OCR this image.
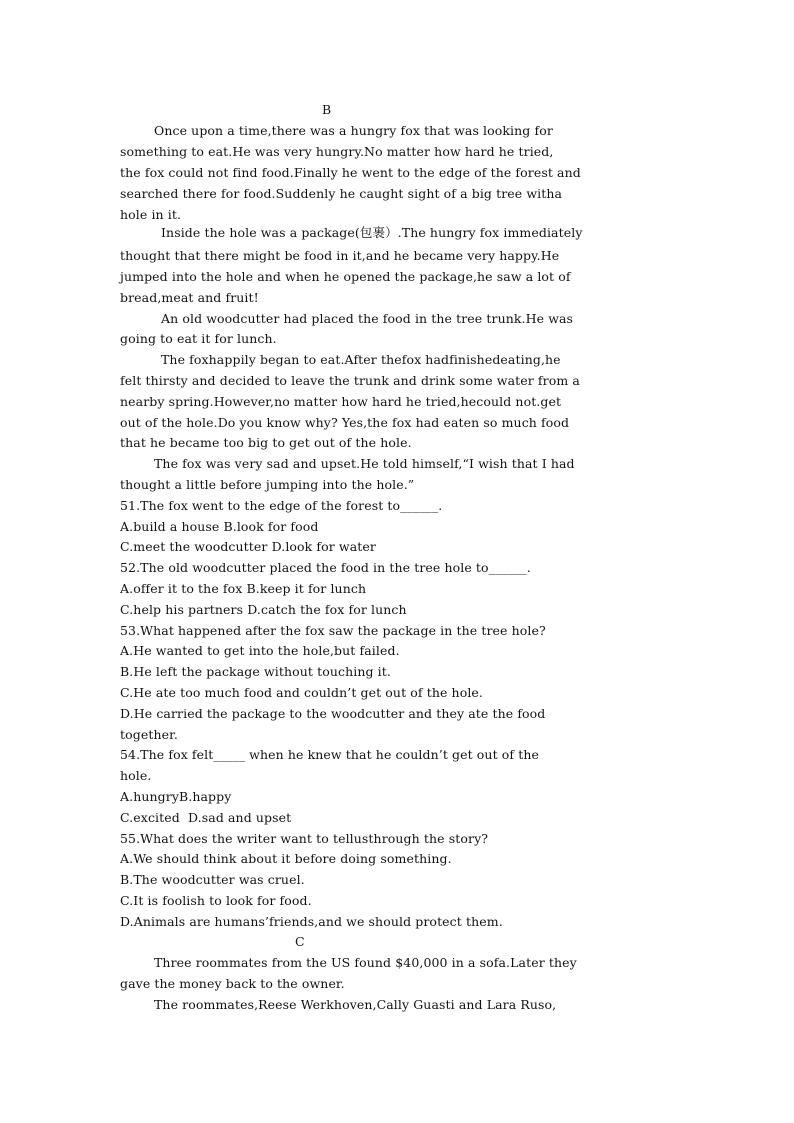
B
Once upon a time,there was a hungry fox that was looking for
something to eat.He was very hungry.No matter how hard he tried,
the fox could not find food.Finally he went to the edge of the forest and
searched there for food.Suddenly he caught sight of a big tree witha
hole in it.
Inside the hole was a package(包裹）.The hungry fox immediately
thought that there might be food in it,and he became very happy.He
jumped into the hole and when he opened the package,he saw a lot of
bread,meat and fruit!
An old woodcutter had placed the food in the tree trunk.He was
going to eat it for lunch.
The foxhappily began to eat.After thefox hadfinishedeating,he
felt thirsty and decided to leave the trunk and drink some water from a
nearby spring.However,no matter how hard he tried,hecould not.get
out of the hole.Do you know why? Yes,the fox had eaten so much food
that he became too big to get out of the hole.
The fox was very sad and upset.He told himself,“I wish that I had
thought a little before jumping into the hole.”
51.The fox went to the edge of the forest to______.
A.build a house B.look for food
C.meet the woodcutter D.look for water
52.The old woodcutter placed the food in the tree hole to______.
A.offer it to the fox B.keep it for lunch
C.help his partners D.catch the fox for lunch
53.What happened after the fox saw the package in the tree hole?
A.He wanted to get into the hole,but failed.
B.He left the package without touching it.
C.He ate too much food and couldn’t get out of the hole.
D.He carried the package to the woodcutter and they ate the food
together.
54.The fox felt_____ when he knew that he couldn’t get out of the
hole.
A.hungryB.happy
C.excited  D.sad and upset
55.What does the writer want to tellusthrough the story?
A.We should think about it before doing something.
B.The woodcutter was cruel.
C.It is foolish to look for food.
D.Animals are humans’friends,and we should protect them.
C
Three roommates from the US found $40,000 in a sofa.Later they
gave the money back to the owner.
The roommates,Reese Werkhoven,Cally Guasti and Lara Ruso,
